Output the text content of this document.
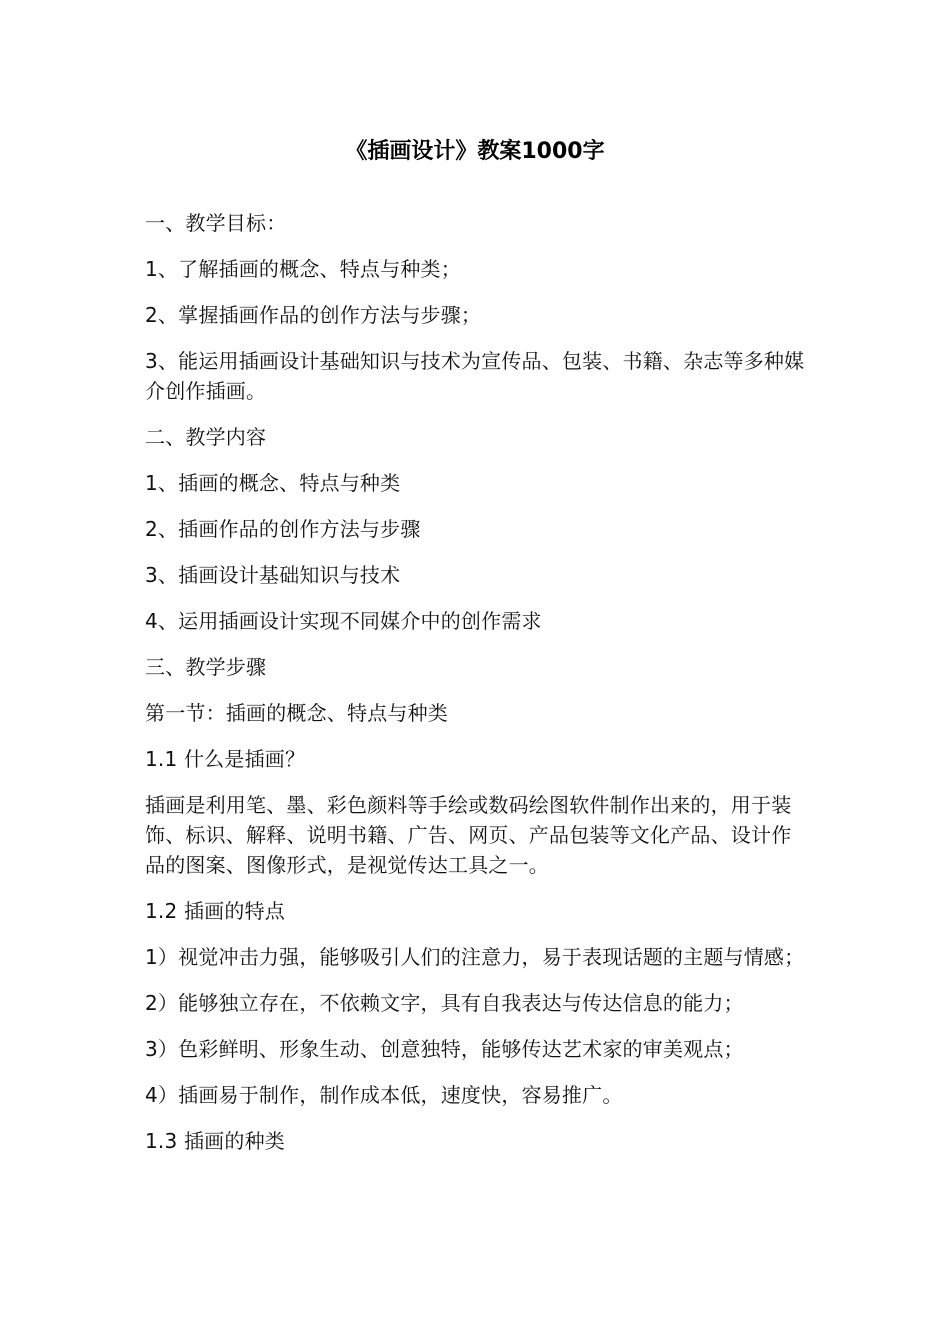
《插画设计》教案1000字

一、教学目标：

1、了解插画的概念、特点与种类；

2、掌握插画作品的创作方法与步骤；

3、能运用插画设计基础知识与技术为宣传品、包装、书籍、杂志等多种媒介创作插画。

二、教学内容

1、插画的概念、特点与种类

2、插画作品的创作方法与步骤

3、插画设计基础知识与技术

4、运用插画设计实现不同媒介中的创作需求

三、教学步骤

第一节：插画的概念、特点与种类

1.1 什么是插画？

插画是利用笔、墨、彩色颜料等手绘或数码绘图软件制作出来的，用于装饰、标识、解释、说明书籍、广告、网页、产品包装等文化产品、设计作品的图案、图像形式，是视觉传达工具之一。

1.2 插画的特点

1）视觉冲击力强，能够吸引人们的注意力，易于表现话题的主题与情感；

2）能够独立存在，不依赖文字，具有自我表达与传达信息的能力；

3）色彩鲜明、形象生动、创意独特，能够传达艺术家的审美观点；

4）插画易于制作，制作成本低，速度快，容易推广。

1.3 插画的种类
